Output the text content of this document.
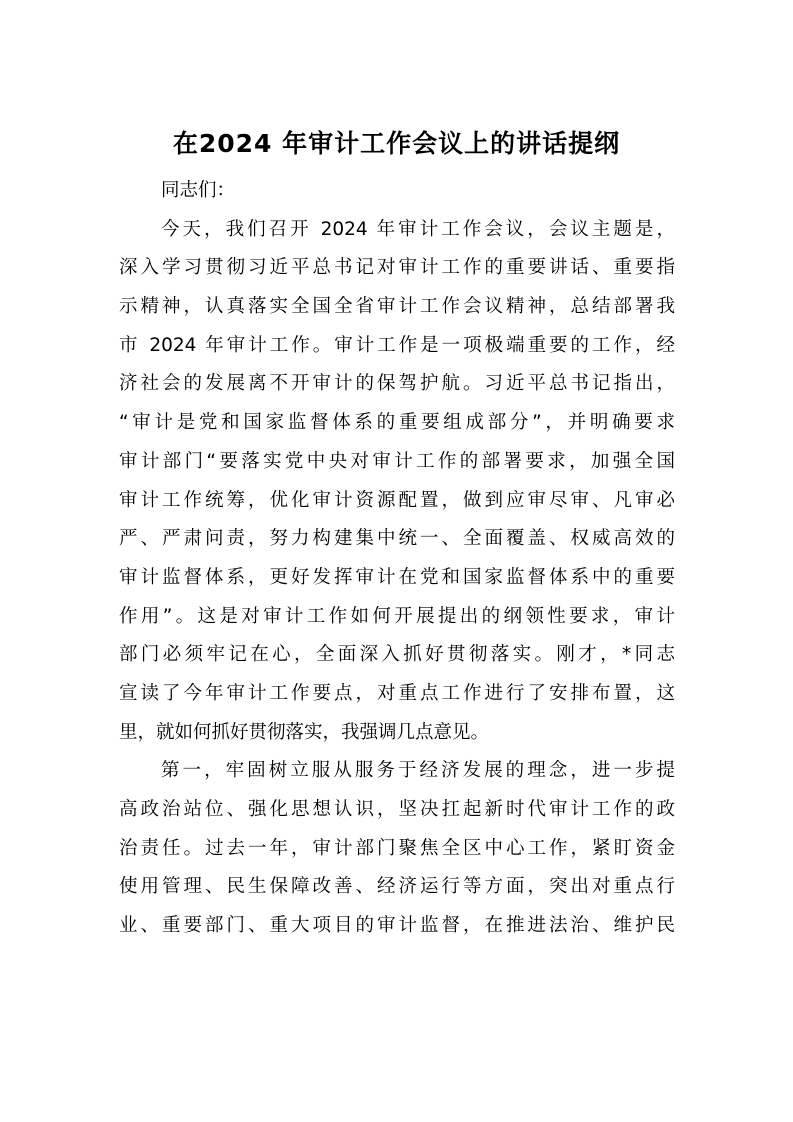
在2024 年审计工作会议上的讲话提纲
同志们：
今天，我们召开 2024 年审计工作会议，会议主题是，
深入学习贯彻习近平总书记对审计工作的重要讲话、重要指
示精神，认真落实全国全省审计工作会议精神，总结部署我
市 2024 年审计工作。审计工作是一项极端重要的工作，经
济社会的发展离不开审计的保驾护航。习近平总书记指出，
“审计是党和国家监督体系的重要组成部分”，并明确要求
审计部门“要落实党中央对审计工作的部署要求，加强全国
审计工作统筹，优化审计资源配置，做到应审尽审、凡审必
严、严肃问责，努力构建集中统一、全面覆盖、权威高效的
审计监督体系，更好发挥审计在党和国家监督体系中的重要
作用”。这是对审计工作如何开展提出的纲领性要求，审计
部门必须牢记在心，全面深入抓好贯彻落实。刚才，*同志
宣读了今年审计工作要点，对重点工作进行了安排布置，这
里，就如何抓好贯彻落实，我强调几点意见。
第一，牢固树立服从服务于经济发展的理念，进一步提
高政治站位、强化思想认识，坚决扛起新时代审计工作的政
治责任。过去一年，审计部门聚焦全区中心工作，紧盯资金
使用管理、民生保障改善、经济运行等方面，突出对重点行
业、重要部门、重大项目的审计监督，在推进法治、维护民
